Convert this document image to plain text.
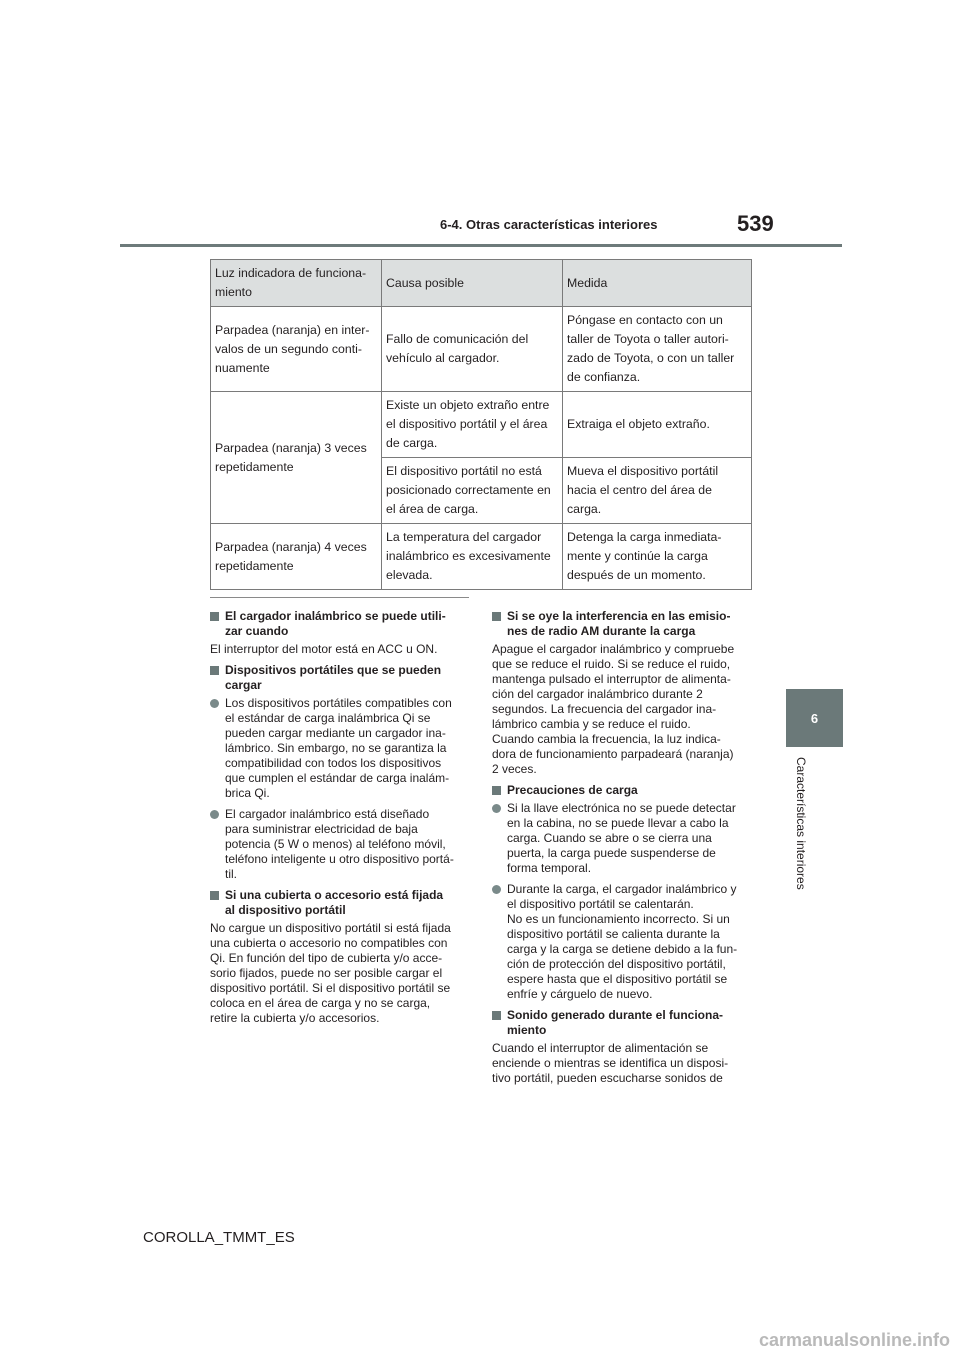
6-4. Otras características interiores	539
6
Características interiores
Luz indicadora de funciona-
miento	Causa posible	Medida
Parpadea (naranja) en inter-
valos de un segundo conti-
nuamente	Fallo de comunicación del
vehículo al cargador.	Póngase en contacto con un
taller de Toyota o taller autori-
zado de Toyota, o con un taller
de confianza.
Parpadea (naranja) 3 veces
repetidamente	Existe un objeto extraño entre
el dispositivo portátil y el área
de carga.	Extraiga el objeto extraño.
	El dispositivo portátil no está
posicionado correctamente en
el área de carga.	Mueva el dispositivo portátil
hacia el centro del área de
carga.
Parpadea (naranja) 4 veces
repetidamente	La temperatura del cargador
inalámbrico es excesivamente
elevada.	Detenga la carga inmediata-
mente y continúe la carga
después de un momento.
El cargador inalámbrico se puede utili-
zar cuando
El interruptor del motor está en ACC u ON.
Dispositivos portátiles que se pueden
cargar
Los dispositivos portátiles compatibles con
el estándar de carga inalámbrica Qi se
pueden cargar mediante un cargador ina-
lámbrico. Sin embargo, no se garantiza la
compatibilidad con todos los dispositivos
que cumplen el estándar de carga inalám-
brica Qi.
El cargador inalámbrico está diseñado
para suministrar electricidad de baja
potencia (5 W o menos) al teléfono móvil,
teléfono inteligente u otro dispositivo portá-
til.
Si una cubierta o accesorio está fijada
al dispositivo portátil
No cargue un dispositivo portátil si está fijada
una cubierta o accesorio no compatibles con
Qi. En función del tipo de cubierta y/o acce-
sorio fijados, puede no ser posible cargar el
dispositivo portátil. Si el dispositivo portátil se
coloca en el área de carga y no se carga,
retire la cubierta y/o accesorios.
Si se oye la interferencia en las emisio-
nes de radio AM durante la carga
Apague el cargador inalámbrico y compruebe
que se reduce el ruido. Si se reduce el ruido,
mantenga pulsado el interruptor de alimenta-
ción del cargador inalámbrico durante 2
segundos. La frecuencia del cargador ina-
lámbrico cambia y se reduce el ruido.
Cuando cambia la frecuencia, la luz indica-
dora de funcionamiento parpadeará (naranja)
2 veces.
Precauciones de carga
Si la llave electrónica no se puede detectar
en la cabina, no se puede llevar a cabo la
carga. Cuando se abre o se cierra una
puerta, la carga puede suspenderse de
forma temporal.
Durante la carga, el cargador inalámbrico y
el dispositivo portátil se calentarán.
No es un funcionamiento incorrecto. Si un
dispositivo portátil se calienta durante la
carga y la carga se detiene debido a la fun-
ción de protección del dispositivo portátil,
espere hasta que el dispositivo portátil se
enfríe y cárguelo de nuevo.
Sonido generado durante el funciona-
miento
Cuando el interruptor de alimentación se
enciende o mientras se identifica un disposi-
tivo portátil, pueden escucharse sonidos de
COROLLA_TMMT_ES
carmanualsonline.info
